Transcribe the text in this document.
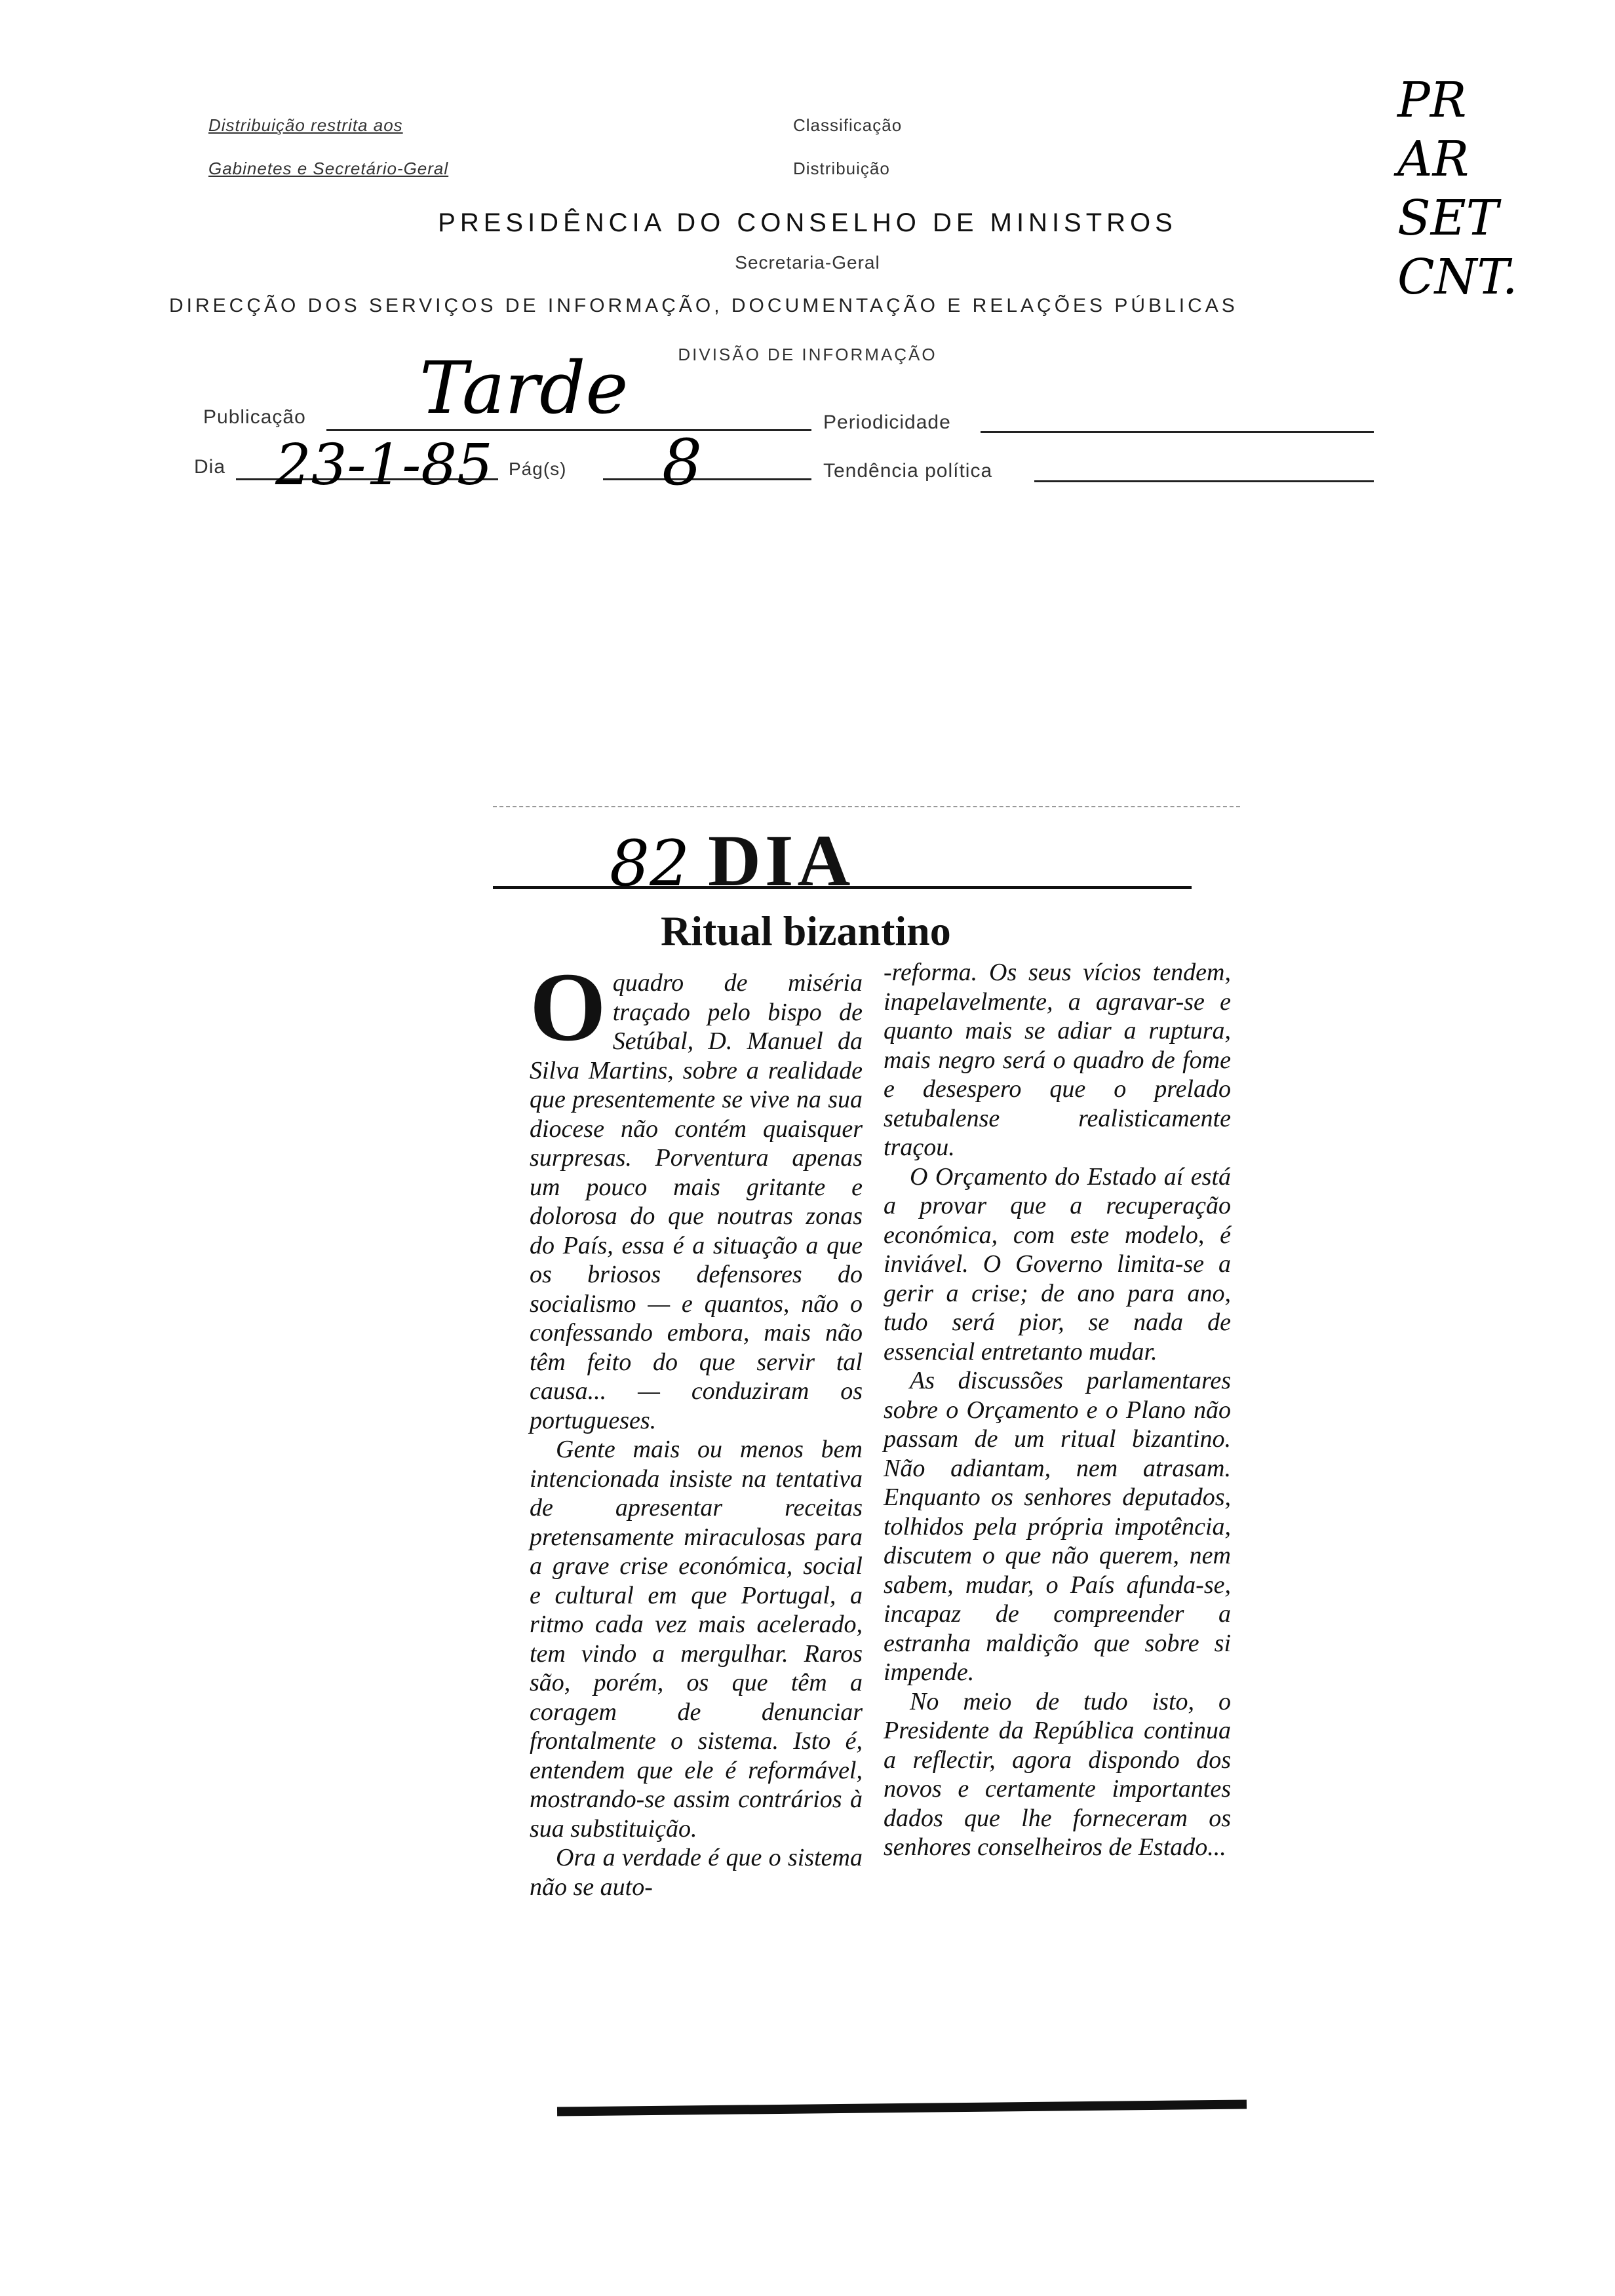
Distribuição restrita aos
Gabinetes e Secretário-Geral
Classificação
Distribuição
PRESIDÊNCIA DO CONSELHO DE MINISTROS
Secretaria-Geral
DIRECÇÃO DOS SERVIÇOS DE INFORMAÇÃO, DOCUMENTAÇÃO E RELAÇÕES PÚBLICAS
DIVISÃO DE INFORMAÇÃO
Publicação Tarde	Periodicidade
Dia 23-1-85 Pág(s) 8	Tendência política
PR
AR
SET
CNT.
DIA
82
Ritual bizantino

Oquadro de miséria traçado pelo bispo de Setúbal, D. Manuel da Silva Martins, sobre a realidade que presentemente se vive na sua diocese não contém quaisquer surpresas. Porventura apenas um pouco mais gritante e dolorosa do que noutras zonas do País, essa é a situação a que os briosos defensores do socialismo — e quantos, não o confessando embora, mais não têm feito do que servir tal causa... — conduziram os portugueses.

Gente mais ou menos bem intencionada insiste na tentativa de apresentar receitas pretensamente miraculosas para a grave crise económica, social e cultural em que Portugal, a ritmo cada vez mais acelerado, tem vindo a mergulhar. Raros são, porém, os que têm a coragem de denunciar frontalmente o sistema. Isto é, entendem que ele é reformável, mostrando-se assim contrários à sua substituição.

Ora a verdade é que o sistema não se auto-

-reforma. Os seus vícios tendem, inapelavelmente, a agravar-se e quanto mais se adiar a ruptura, mais negro será o quadro de fome e desespero que o prelado setubalense realisticamente traçou.

O Orçamento do Estado aí está a provar que a recuperação económica, com este modelo, é inviável. O Governo limita-se a gerir a crise; de ano para ano, tudo será pior, se nada de essencial entretanto mudar.

As discussões parlamentares sobre o Orçamento e o Plano não passam de um ritual bizantino. Não adiantam, nem atrasam. Enquanto os senhores deputados, tolhidos pela própria impotência, discutem o que não querem, nem sabem, mudar, o País afunda-se, incapaz de compreender a estranha maldição que sobre si impende.

No meio de tudo isto, o Presidente da República continua a reflectir, agora dispondo dos novos e certamente importantes dados que lhe forneceram os senhores conselheiros de Estado...
